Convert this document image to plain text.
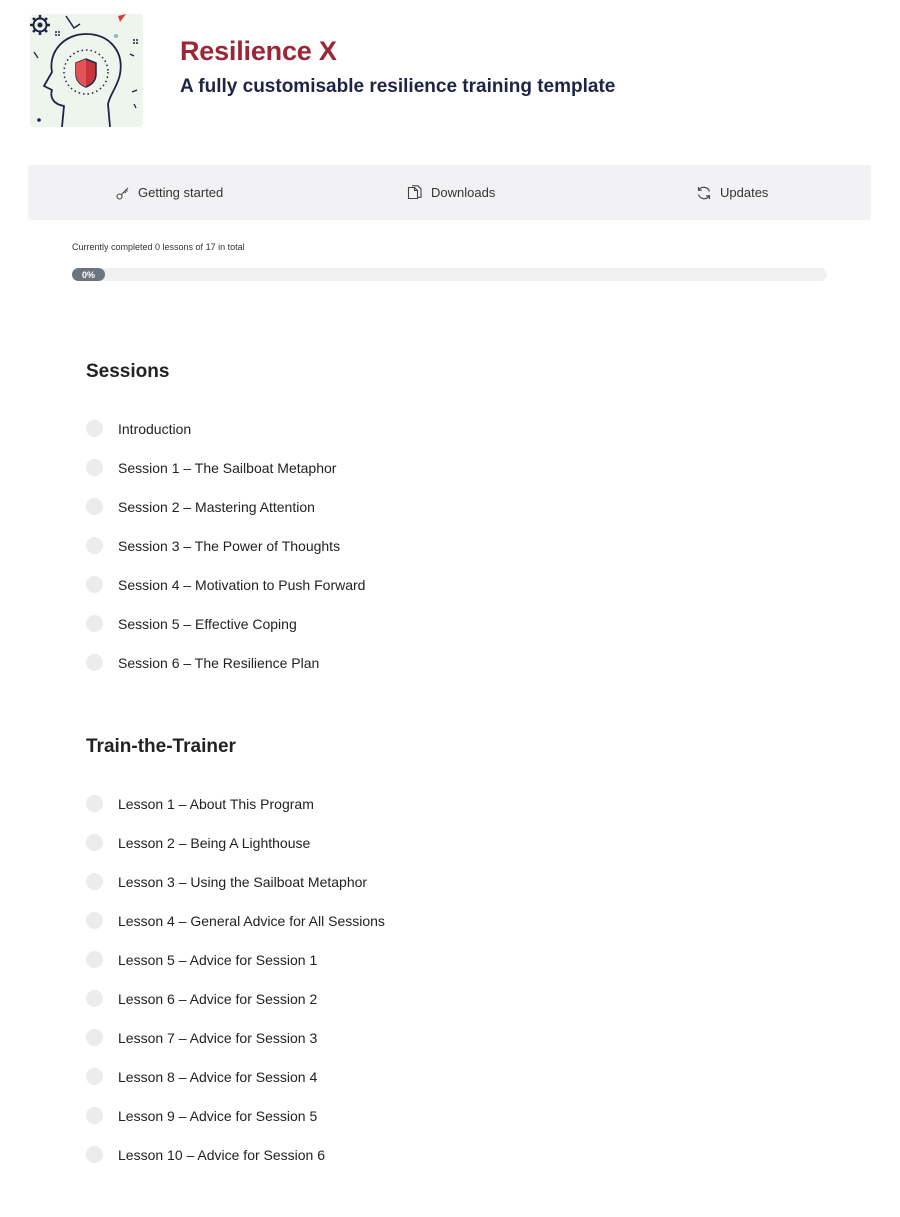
Resilience X
A fully customisable resilience training template
Getting started	Downloads	Updates
Currently completed 0 lessons of 17 in total
0%
Sessions
Introduction
Session 1 – The Sailboat Metaphor
Session 2 – Mastering Attention
Session 3 – The Power of Thoughts
Session 4 – Motivation to Push Forward
Session 5 – Effective Coping
Session 6 – The Resilience Plan
Train-the-Trainer
Lesson 1 – About This Program
Lesson 2 – Being A Lighthouse
Lesson 3 – Using the Sailboat Metaphor
Lesson 4 – General Advice for All Sessions
Lesson 5 – Advice for Session 1
Lesson 6 – Advice for Session 2
Lesson 7 – Advice for Session 3
Lesson 8 – Advice for Session 4
Lesson 9 – Advice for Session 5
Lesson 10 – Advice for Session 6
